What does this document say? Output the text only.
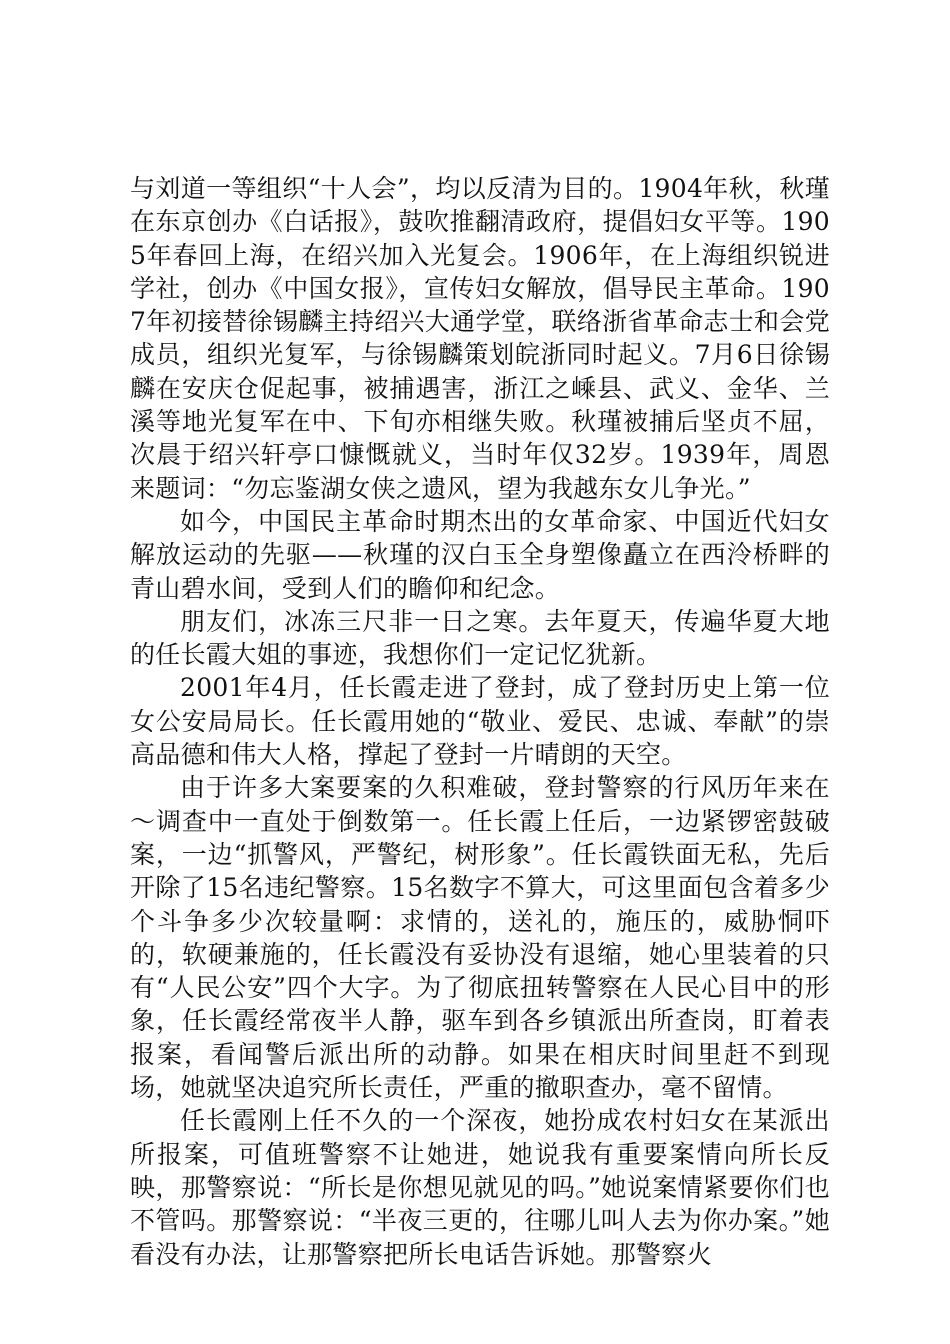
与刘道一等组织“十人会”，均以反清为目的。1904年秋，秋瑾在东京创办《白话报》，鼓吹推翻清政府，提倡妇女平等。1905年春回上海，在绍兴加入光复会。1906年，在上海组织锐进学社，创办《中国女报》，宣传妇女解放，倡导民主革命。1907年初接替徐锡麟主持绍兴大通学堂，联络浙省革命志士和会党成员，组织光复军，与徐锡麟策划皖浙同时起义。7月6日徐锡麟在安庆仓促起事，被捕遇害，浙江之嵊县、武义、金华、兰溪等地光复军在中、下旬亦相继失败。秋瑾被捕后坚贞不屈，次晨于绍兴轩亭口慷慨就义，当时年仅32岁。1939年，周恩来题词：“勿忘鉴湖女侠之遗风，望为我越东女儿争光。”

如今，中国民主革命时期杰出的女革命家、中国近代妇女解放运动的先驱——秋瑾的汉白玉全身塑像矗立在西泠桥畔的青山碧水间，受到人们的瞻仰和纪念。

朋友们，冰冻三尺非一日之寒。去年夏天，传遍华夏大地的任长霞大姐的事迹，我想你们一定记忆犹新。

2001年4月，任长霞走进了登封，成了登封历史上第一位女公安局局长。任长霞用她的“敬业、爱民、忠诚、奉献”的崇高品德和伟大人格，撑起了登封一片晴朗的天空。

由于许多大案要案的久积难破，登封警察的行风历年来在～调查中一直处于倒数第一。任长霞上任后，一边紧锣密鼓破案，一边“抓警风，严警纪，树形象”。任长霞铁面无私，先后开除了15名违纪警察。15名数字不算大，可这里面包含着多少个斗争多少次较量啊：求情的，送礼的，施压的，威胁恫吓的，软硬兼施的，任长霞没有妥协没有退缩，她心里装着的只有“人民公安”四个大字。为了彻底扭转警察在人民心目中的形象，任长霞经常夜半人静，驱车到各乡镇派出所查岗，盯着表报案，看闻警后派出所的动静。如果在相庆时间里赶不到现场，她就坚决追究所长责任，严重的撤职查办，毫不留情。

任长霞刚上任不久的一个深夜，她扮成农村妇女在某派出所报案，可值班警察不让她进，她说我有重要案情向所长反映，那警察说：“所长是你想见就见的吗。”她说案情紧要你们也不管吗。那警察说：“半夜三更的，往哪儿叫人去为你办案。”她看没有办法，让那警察把所长电话告诉她。那警察火
